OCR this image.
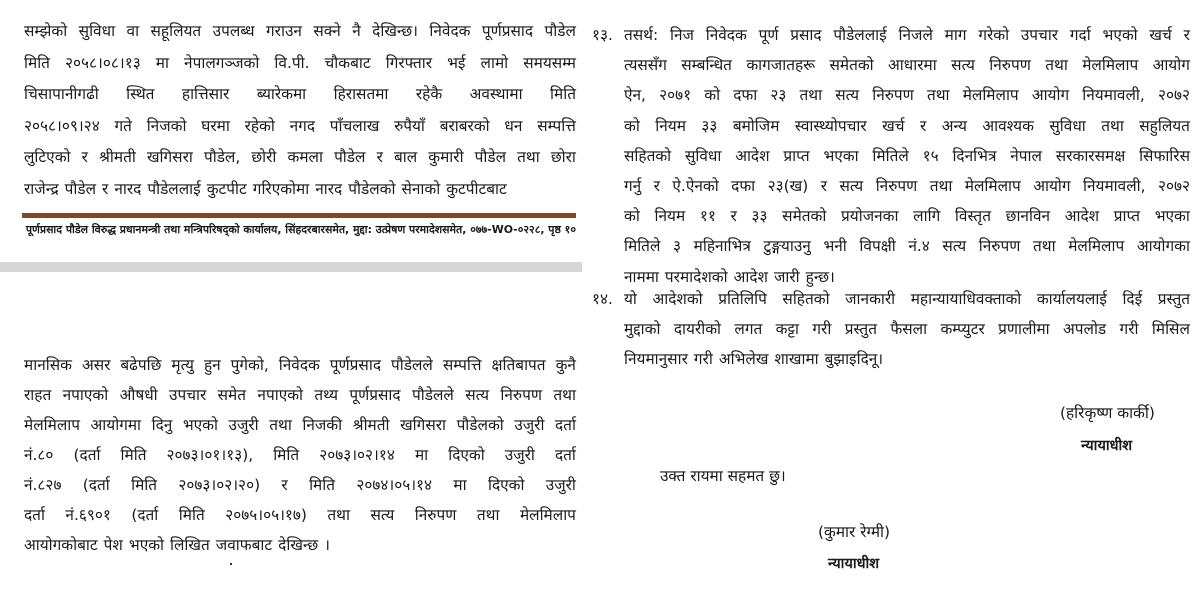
सम्झेको सुविधा वा सहूलियत उपलब्ध गराउन सक्ने नै देखिन्छ। निवेदक पूर्णप्रसाद पौडेल
मिति २०५८।०८।१३ मा नेपालगञ्जको वि.पी. चौकबाट गिरफ्तार भई लामो समयसम्म
चिसापानीगढी स्थित हात्तिसार ब्यारेकमा हिरासतमा रहेकै अवस्थामा मिति
२०५८।०९।२४ गते निजको घरमा रहेको नगद पाँचलाख रुपैयाँ बराबरको धन सम्पत्ति
लुटिएको र श्रीमती खगिसरा पौडेल, छोरी कमला पौडेल र बाल कुमारी पौडेल तथा छोरा
राजेन्द्र पौडेल र नारद पौडेललाई कुटपीट गरिएकोमा नारद पौडेलको सेनाको कुटपीटबाट
पूर्णप्रसाद पौडेल विरुद्ध प्रधानमन्त्री तथा मन्त्रिपरिषद्को कार्यालय, सिंहदरबारसमेत, मुद्दा: उत्प्रेषण परमादेशसमेत, ०७७-WO-०२२८, पृष्ठ १०
मानसिक असर बढेपछि मृत्यु हुन पुगेको, निवेदक पूर्णप्रसाद पौडेलले सम्पत्ति क्षतिबापत कुनै
राहत नपाएको औषधी उपचार समेत नपाएको तथ्य पूर्णप्रसाद पौडेलले सत्य निरुपण तथा
मेलमिलाप आयोगमा दिनु भएको उजुरी तथा निजकी श्रीमती खगिसरा पौडेलको उजुरी दर्ता
नं.८० (दर्ता मिति २०७३।०१।१३), मिति २०७३।०२।१४ मा दिएको उजुरी दर्ता
नं.८२७ (दर्ता मिति २०७३।०२।२०) र मिति २०७४।०५।१४ मा दिएको उजुरी
दर्ता नं.६९०१ (दर्ता मिति २०७५।०५।१७) तथा सत्य निरुपण तथा मेलमिलाप
आयोगकोबाट पेश भएको लिखित जवाफबाट देखिन्छ ।
१३. तसर्थ: निज निवेदक पूर्ण प्रसाद पौडेललाई निजले माग गरेको उपचार गर्दा भएको खर्च र
त्यससँग सम्बन्धित कागजातहरू समेतको आधारमा सत्य निरुपण तथा मेलमिलाप आयोग
ऐन, २०७१ को दफा २३ तथा सत्य निरुपण तथा मेलमिलाप आयोग नियमावली, २०७२
को नियम ३३ बमोजिम स्वास्थ्योपचार खर्च र अन्य आवश्यक सुविधा तथा सहुलियत
सहितको सुविधा आदेश प्राप्त भएका मितिले १५ दिनभित्र नेपाल सरकारसमक्ष सिफारिस
गर्नु र ऐ.ऐनको दफा २३(ख) र सत्य निरुपण तथा मेलमिलाप आयोग नियमावली, २०७२
को नियम ११ र ३३ समेतको प्रयोजनका लागि विस्तृत छानविन आदेश प्राप्त भएका
मितिले ३ महिनाभित्र टुङ्गयाउनु भनी विपक्षी नं.४ सत्य निरुपण तथा मेलमिलाप आयोगका
नाममा परमादेशको आदेश जारी हुन्छ।
१४. यो आदेशको प्रतिलिपि सहितको जानकारी महान्यायाधिवक्ताको कार्यालयलाई दिई प्रस्तुत
मुद्दाको दायरीको लगत कट्टा गरी प्रस्तुत फैसला कम्प्युटर प्रणालीमा अपलोड गरी मिसिल
नियमानुसार गरी अभिलेख शाखामा बुझाइदिनू।
(हरिकृष्ण कार्की)
न्यायाधीश
उक्त रायमा सहमत छु।
(कुमार रेग्मी)
न्यायाधीश
